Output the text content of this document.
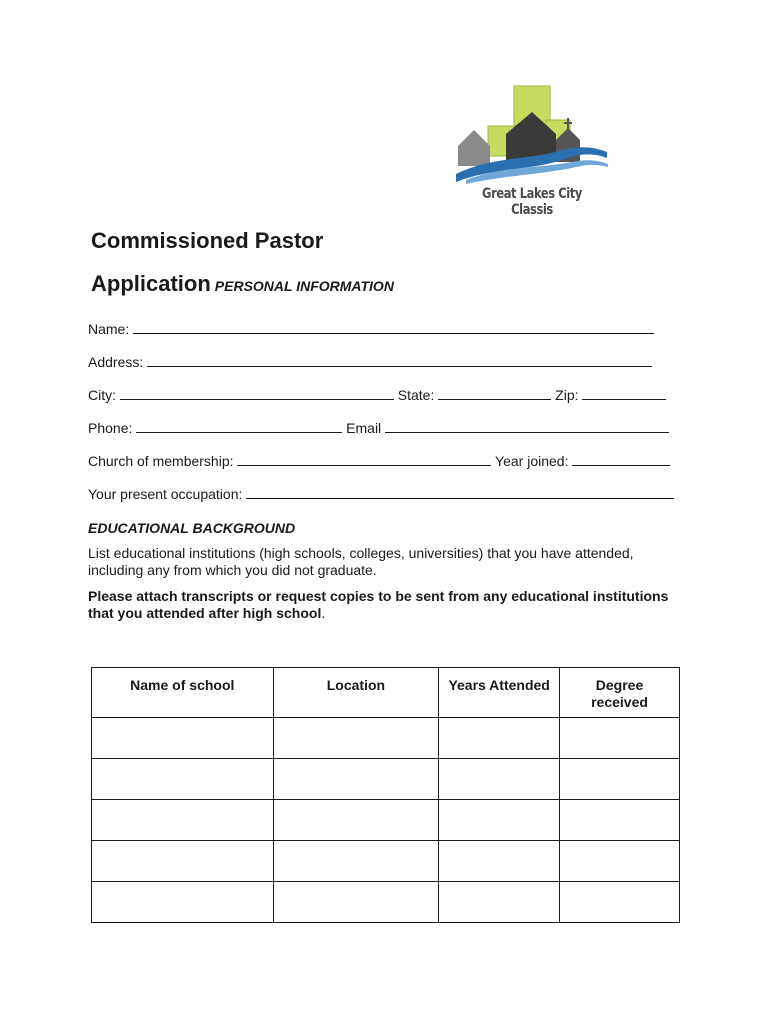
Great Lakes City Classis
Commissioned Pastor
Application PERSONAL INFORMATION
Name:
Address:
City:	State:	Zip:
Phone:	Email
Church of membership:	Year joined:
Your present occupation:
EDUCATIONAL BACKGROUND
List educational institutions (high schools, colleges, universities) that you have attended, including any from which you did not graduate.
Please attach transcripts or request copies to be sent from any educational institutions that you attended after high school.
Name of school	Location	Years Attended	Degree received
